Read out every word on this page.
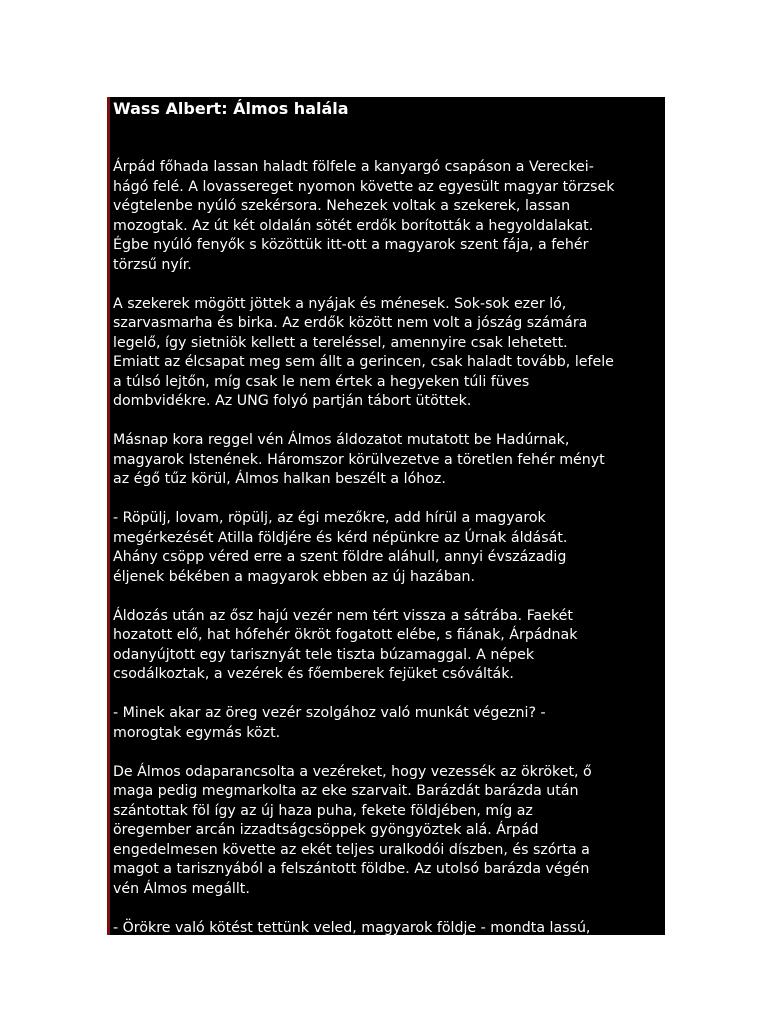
Wass Albert: Álmos halála

Árpád főhada lassan haladt fölfele a kanyargó csapáson a Vereckei-
hágó felé. A lovassereget nyomon követte az egyesült magyar törzsek
végtelenbe nyúló szekérsora. Nehezek voltak a szekerek, lassan
mozogtak. Az út két oldalán sötét erdők borították a hegyoldalakat.
Égbe nyúló fenyők s közöttük itt-ott a magyarok szent fája, a fehér
törzsű nyír.

A szekerek mögött jöttek a nyájak és ménesek. Sok-sok ezer ló,
szarvasmarha és birka. Az erdők között nem volt a jószág számára
legelő, így sietniök kellett a tereléssel, amennyire csak lehetett.
Emiatt az élcsapat meg sem állt a gerincen, csak haladt tovább, lefele
a túlsó lejtőn, míg csak le nem értek a hegyeken túli füves
dombvidékre. Az UNG folyó partján tábort ütöttek.

Másnap kora reggel vén Álmos áldozatot mutatott be Hadúrnak,
magyarok Istenének. Háromszor körülvezetve a töretlen fehér ményt
az égő tűz körül, Álmos halkan beszélt a lóhoz.

- Röpülj, lovam, röpülj, az égi mezőkre, add hírül a magyarok
megérkezését Atilla földjére és kérd népünkre az Úrnak áldását.
Ahány csöpp véred erre a szent földre aláhull, annyi évszázadig
éljenek békében a magyarok ebben az új hazában.

Áldozás után az ősz hajú vezér nem tért vissza a sátrába. Faekét
hozatott elő, hat hófehér ökröt fogatott elébe, s fiának, Árpádnak
odanyújtott egy tarisznyát tele tiszta búzamaggal. A népek
csodálkoztak, a vezérek és főemberek fejüket csóválták.

- Minek akar az öreg vezér szolgához való munkát végezni? -
morogtak egymás közt.

De Álmos odaparancsolta a vezéreket, hogy vezessék az ökröket, ő
maga pedig megmarkolta az eke szarvait. Barázdát barázda után
szántottak föl így az új haza puha, fekete földjében, míg az
öregember arcán izzadtságcsöppek gyöngyöztek alá. Árpád
engedelmesen követte az ekét teljes uralkodói díszben, és szórta a
magot a tarisznyából a felszántott földbe. Az utolsó barázda végén
vén Álmos megállt.

- Örökre való kötést tettünk veled, magyarok földje - mondta lassú,
